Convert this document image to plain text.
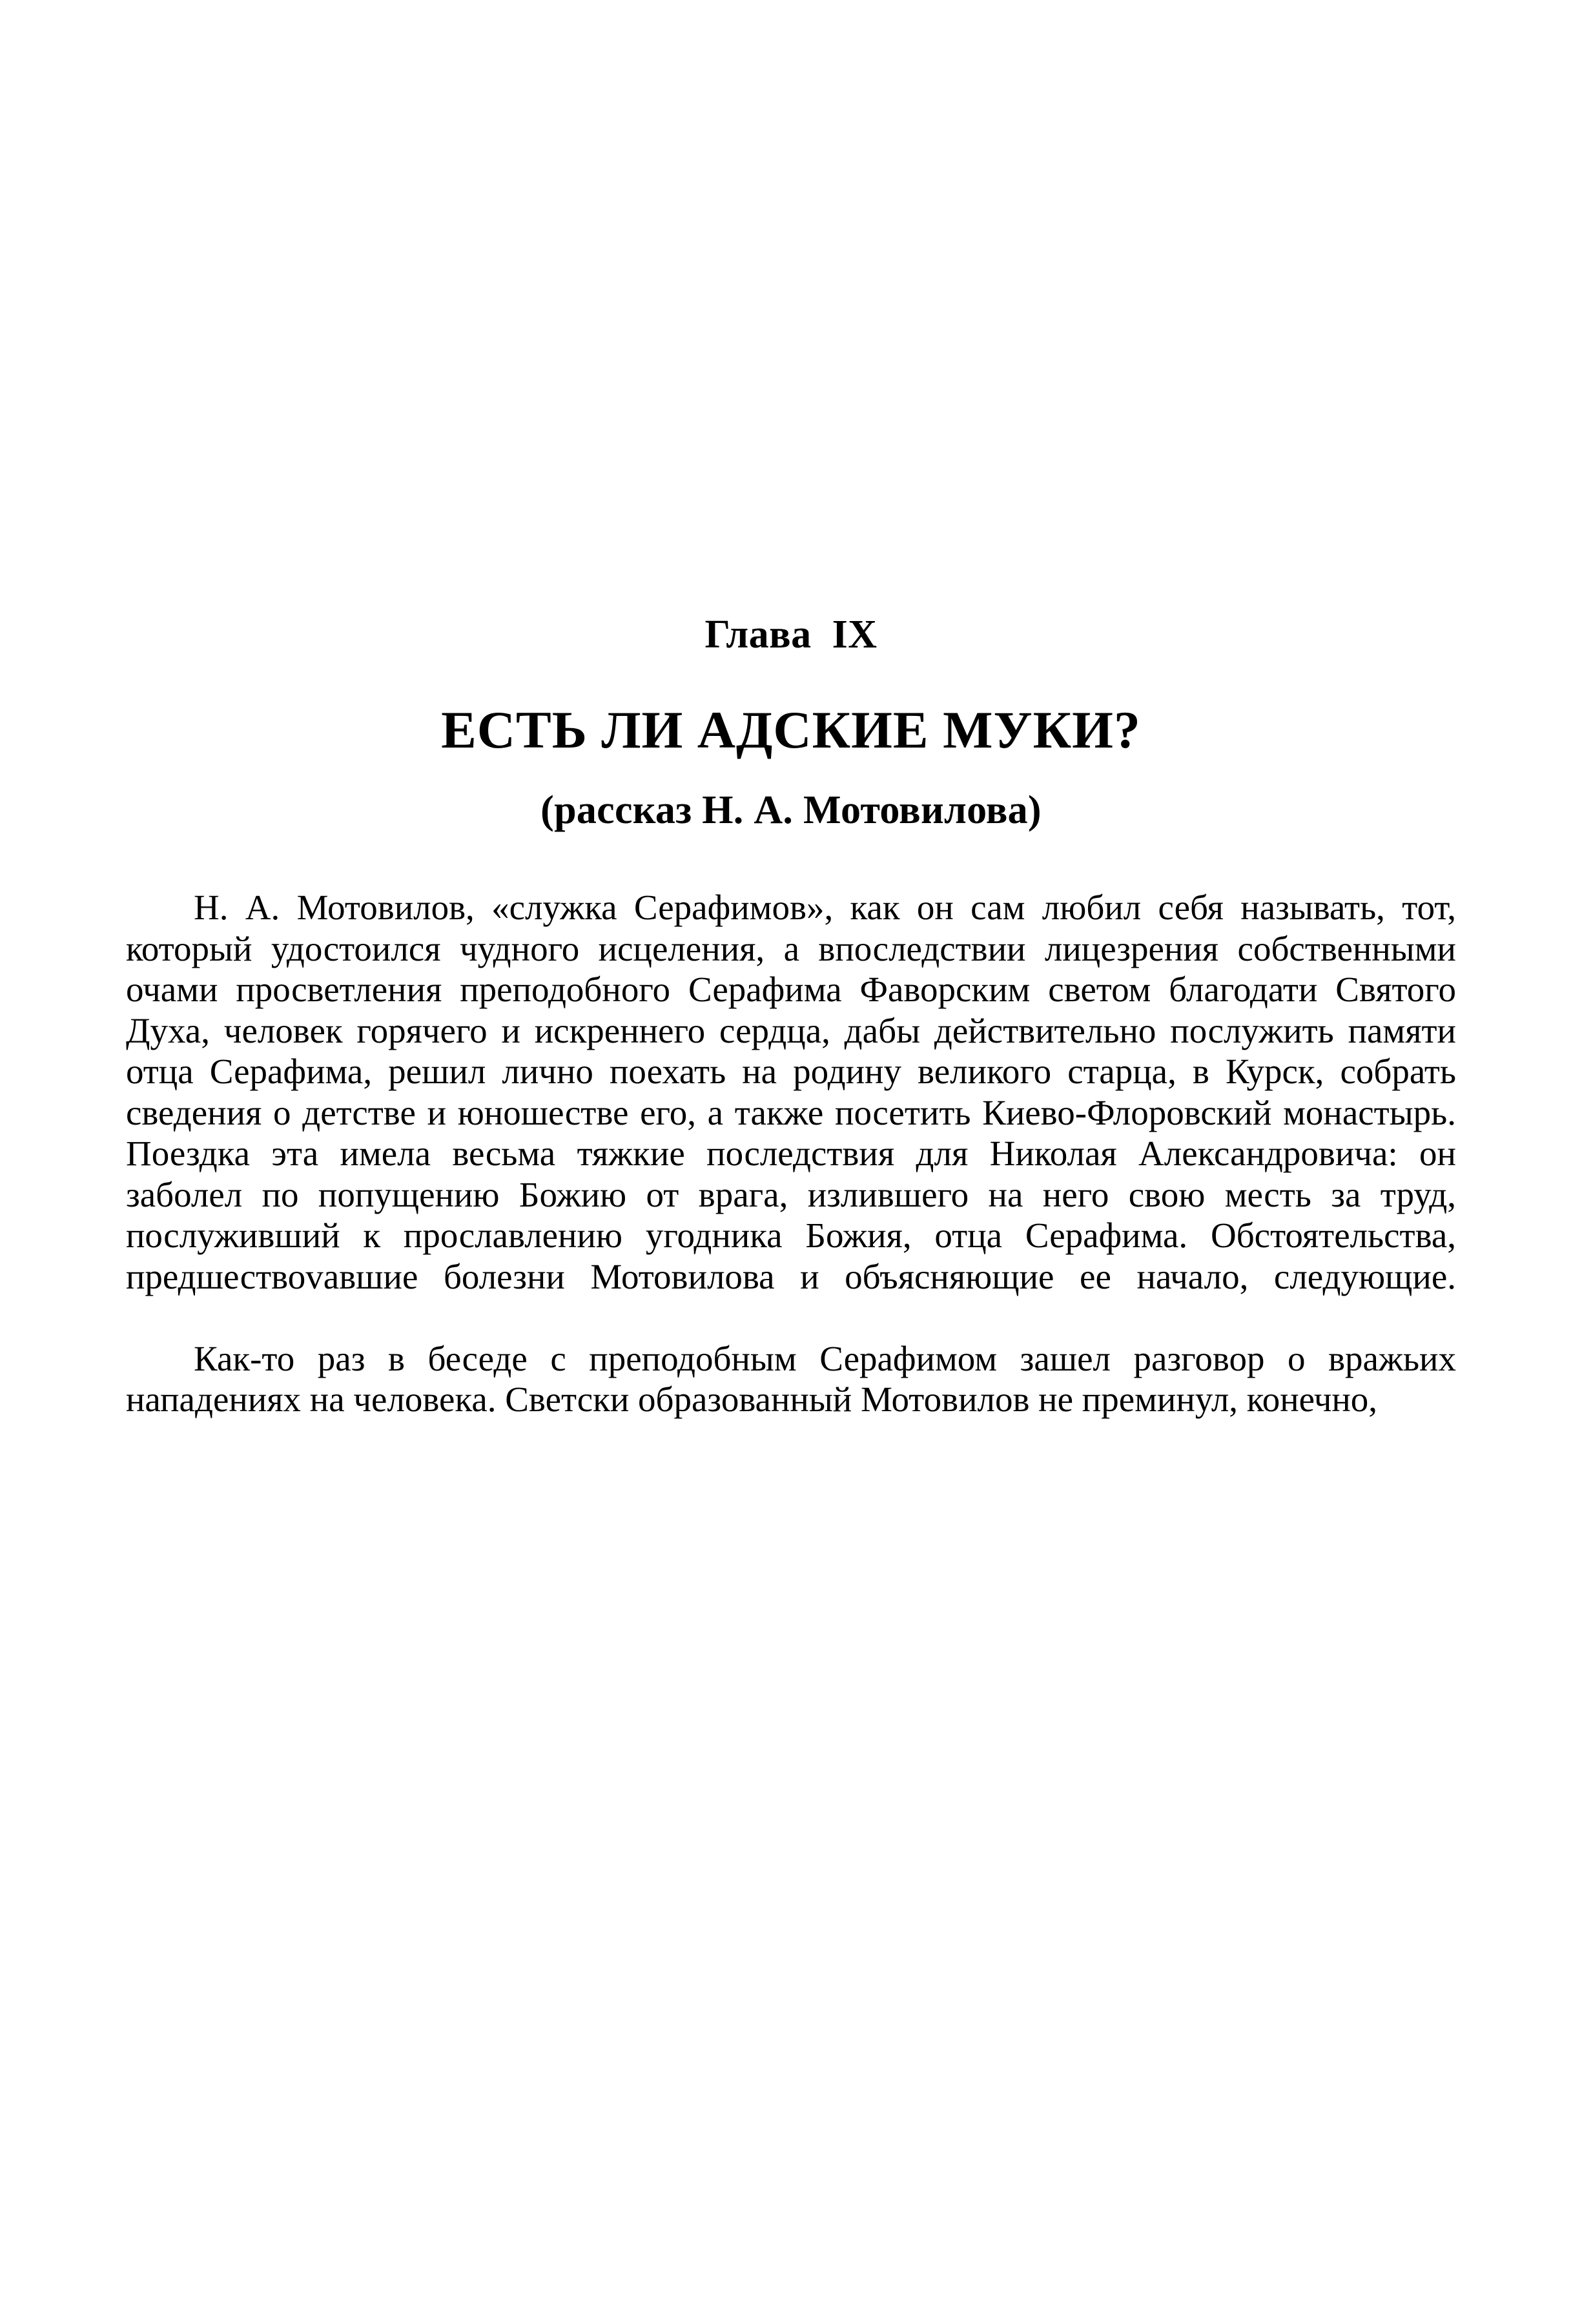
Глава  IX
ЕСТЬ ЛИ АДСКИЕ МУКИ?
(рассказ Н. А. Мотовилова)

Н. А. Мотовилов, «служка Серафимов», как он сам любил себя называть, тот, который удостоился чудного исцеления, а впоследствии лицезрения собственными очами просветления преподобного Серафима Фаворским светом благодати Святого Духа, человек горячего и искреннего сердца, дабы действительно послужить памяти отца Серафима, решил лично поехать на родину великого старца, в Курск, собрать сведения о детстве и юношестве его, а также посетить Киево-Флоровский монастырь. Поездка эта имела весьма тяжкие последствия для Николая Александровича: он заболел по попущению Божию от врага, излившего на него свою месть за труд, послуживший к прославлению угодника Божия, отца Серафима. Обстоятельства, предшествоvавшие болезни Мотовилова и объясняющие ее начало, следующие.

Как-то раз в беседе с преподобным Серафимом зашел разговор о вражьих нападениях на человека. Светски образованный Мотовилов не преминул, конечно,
